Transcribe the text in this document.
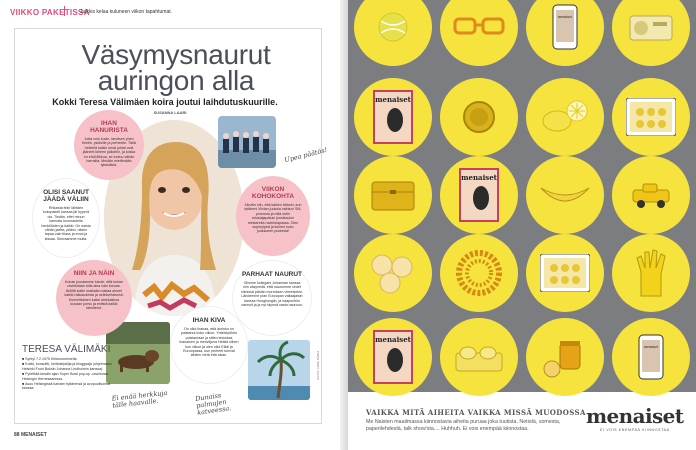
VIIKKO PAKETISSA
Julkkis kelaa kuluneen viikon tapahtumat.
Väsymysnaurut
auringon alla
Kokki Teresa Välimäen koira joutui laihdutuskuurille.
SUSANNA LAARI
IHAN HANURISTA

Jotta voin kuvin, tarvitsen yhen fleetin, ystäville ja perheelle. Tällä hetkellä kaikki omat juhlat ovat jääneet kiireen jalkoihin, ja koska en ehdi tilkkua, se tuntuu vähän harmilta. Meidän miettimään tylsistävia.

OLISI SAANUT JÄÄDÄ VÄLIIN

Rhiiaista feiiri lähtäen kokopaketi kanssa jäi hyperä ois. Tiedän, ettei minun kannata huomautella henkilöiden ja kaikki. On naisia vähän jaetta, pitäisi, niiden tapaa vain tilaus ja emoi ja kissaa. Seuraamme muita.

VIIKON KOHOKOHTA

Järvitin niin, että kaiken tärkein, kun tyttäreni Viivian juuksia vaihtuvi SM-pronssia ja mitä ostin edustajapakan jousikoulun mestareita ravintolapassa. Olen superylpeä ja iloinen koko jouksueen puolesta!

NIIN JA NÄIN

Koiran juustamme lukoin, että koiran ravintolaan tulla aina vain korvaa. Äidiltä kotiin matkalla makaa aineet kaikki rakkaudesta ja nelinkertaisesti. Kummittainen kaksi ainekakkoa kuvaan jurmu ja entistä kaikki lahoitetut.

PARHAAT NAURUT

Olimme kollegani Johannan kanssa niin väsyneitä, että naurumme vedet silmissä päivän murroksen viimeiseksi. Lähdemme pian Euroopan valtaajaisin kanssa Hongkongiin, ja naapurihiin vannoit ja ja nyt täynnä vasta nauruun.

IHAN KIVA

On ollut ihanaa, että aurinko on paistanut koko viikon. Yhteistyöhön poistamaan ja sitten lesioissa ihanainen ja meriviljuna Hetkiä siihen kun viikon ja olen ollut Eiildi ja Euroopassa, kun perheet tulevat lahtien vielä että aivan.

Upea päätös!
Ei enää herkkuja tälle haavalle.	Dunaiss palmujen katveessa.
TERESA VÄLIMÄKI
■ Syntyi 7.2.1975 Kirkkonummella.
■ Kokki, konsultti, keittokirjailija ja bloggaaja (ohjelmasta Helsinki Food Boksin Johanna Lindholmin kanssa).
■ Pyörittää kesäin ajan Super Bowl pop-up -ravintolaa Helsingin Hernesaaressa.
■ Asuu Helsingissä kahden tyttärensä ja avopuolisonsa kanssa.
KUVAT: ANNE NÄRHI
88 MENAISET
menaiset
menaiset
menaiset
menaiset
menaiset
VAIKKA MITÄ AIHEITA VAIKKA MISSÄ MUODOSSA
Me Naisten maailmassa kiinnostavia aiheita puruaa joka tuutista. Netistä, somesta, paperilehdestä, talk show'sta.... Huhhuh. Ei vois enempää kiinnostaa.
menaiset
EI VOIS ENEMPÄÄ KIINNOSTAA
